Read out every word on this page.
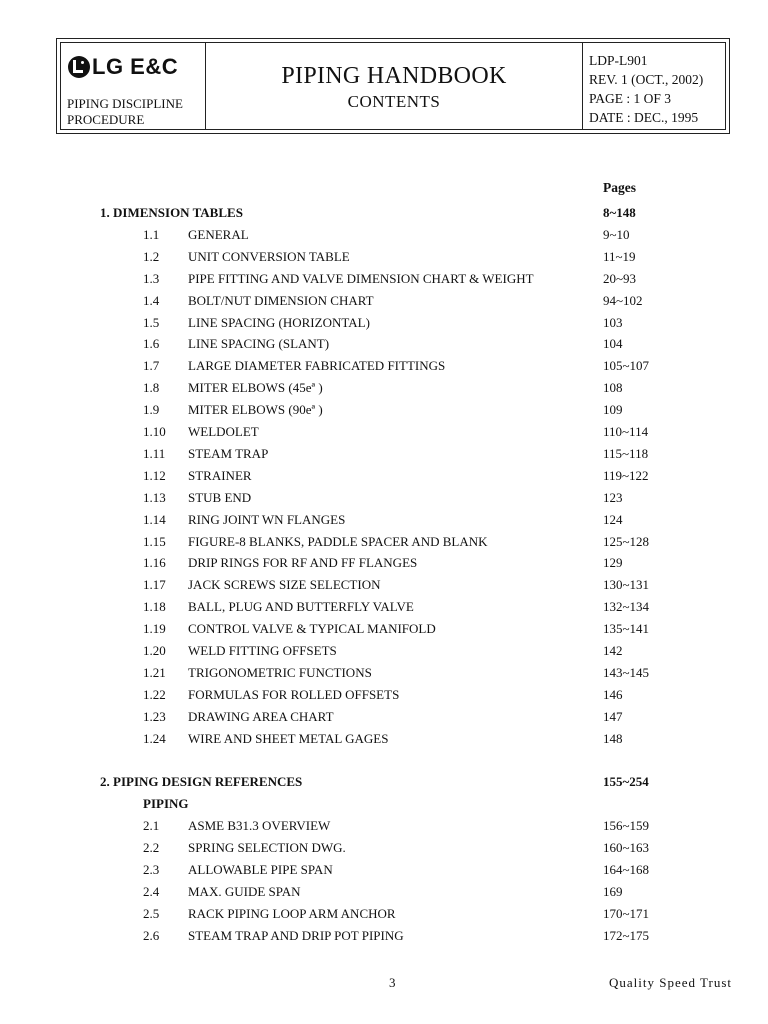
LG E&C
PIPING DISCIPLINE
PROCEDURE
PIPING HANDBOOK
CONTENTS
LDP-L901
REV. 1 (OCT., 2002)
PAGE : 1 OF 3
DATE : DEC., 1995
Pages
1. DIMENSION TABLES	8~148
1.1 GENERAL	9~10
1.2 UNIT CONVERSION TABLE	11~19
1.3 PIPE FITTING AND VALVE DIMENSION CHART & WEIGHT	20~93
1.4 BOLT/NUT DIMENSION CHART	94~102
1.5 LINE SPACING (HORIZONTAL)	103
1.6 LINE SPACING (SLANT)	104
1.7 LARGE DIAMETER FABRICATED FITTINGS	105~107
1.8 MITER ELBOWS (45eª )	108
1.9 MITER ELBOWS (90eª )	109
1.10 WELDOLET	110~114
1.11 STEAM TRAP	115~118
1.12 STRAINER	119~122
1.13 STUB END	123
1.14 RING JOINT WN FLANGES	124
1.15 FIGURE-8 BLANKS, PADDLE SPACER AND BLANK	125~128
1.16 DRIP RINGS FOR RF AND FF FLANGES	129
1.17 JACK SCREWS SIZE SELECTION	130~131
1.18 BALL, PLUG AND BUTTERFLY VALVE	132~134
1.19 CONTROL VALVE & TYPICAL MANIFOLD	135~141
1.20 WELD FITTING OFFSETS	142
1.21 TRIGONOMETRIC FUNCTIONS	143~145
1.22 FORMULAS FOR ROLLED OFFSETS	146
1.23 DRAWING AREA CHART	147
1.24 WIRE AND SHEET METAL GAGES	148
2. PIPING DESIGN REFERENCES	155~254
PIPING
2.1 ASME B31.3 OVERVIEW	156~159
2.2 SPRING SELECTION DWG.	160~163
2.3 ALLOWABLE PIPE SPAN	164~168
2.4 MAX. GUIDE SPAN	169
2.5 RACK PIPING LOOP ARM ANCHOR	170~171
2.6 STEAM TRAP AND DRIP POT PIPING	172~175
3	Quality Speed Trust
